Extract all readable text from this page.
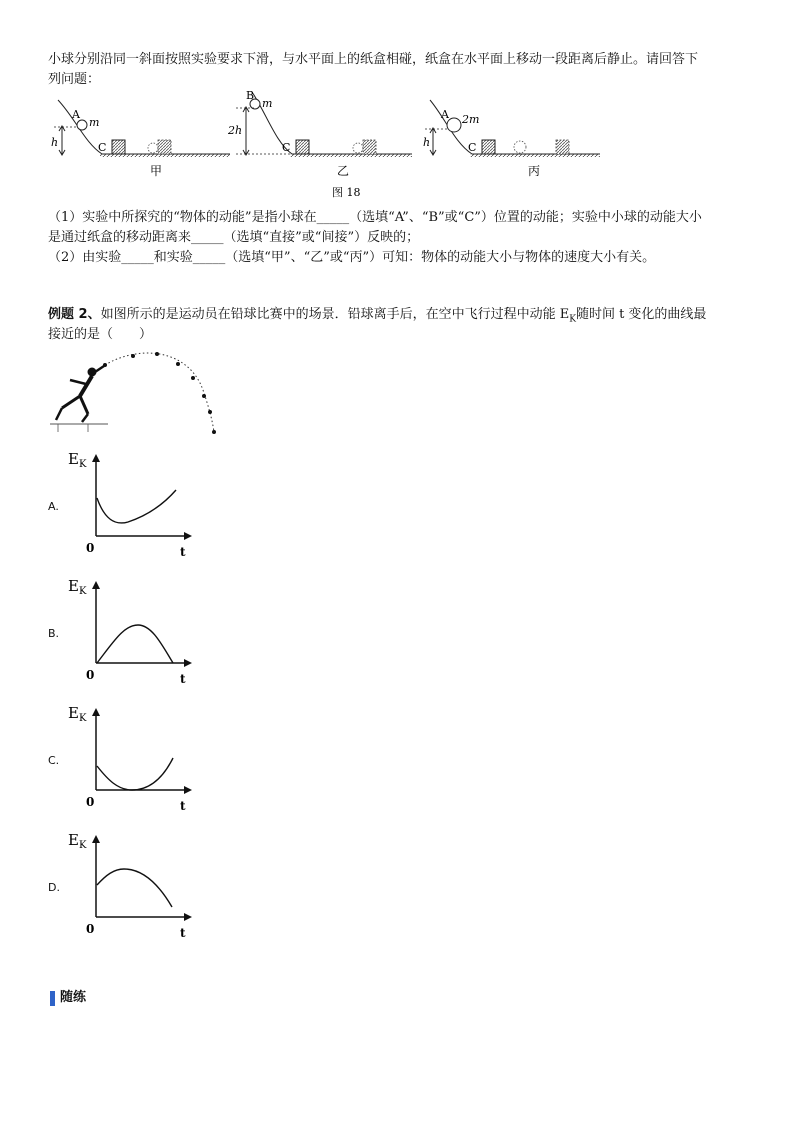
小球分别沿同一斜面按照实验要求下滑，与水平面上的纸盒相碰，纸盒在水平面上移动一段距离后静止。请回答下
列问题：
A
m
h	C
甲
B
m
2h
C
乙
A 2m
h	C
丙
图 18
（1）实验中所探究的“物体的动能”是指小球在_____（选填“A”、“B”或“C”）位置的动能；实验中小球的动能大小
是通过纸盒的移动距离来_____（选填“直接”或“间接”）反映的；
（2）由实验_____和实验_____（选填“甲”、“乙”或“丙”）可知：物体的动能大小与物体的速度大小有关。
例题 2、如图所示的是运动员在铅球比赛中的场景．铅球离手后，在空中飞行过程中动能 $E_K$随时间 t 变化的曲线最
接近的是（　　）
A.
B.
C.
D.
$E_K$
0	t
$E_K$
0	t
$E_K$
0	t
$E_K$
0	t
随练
